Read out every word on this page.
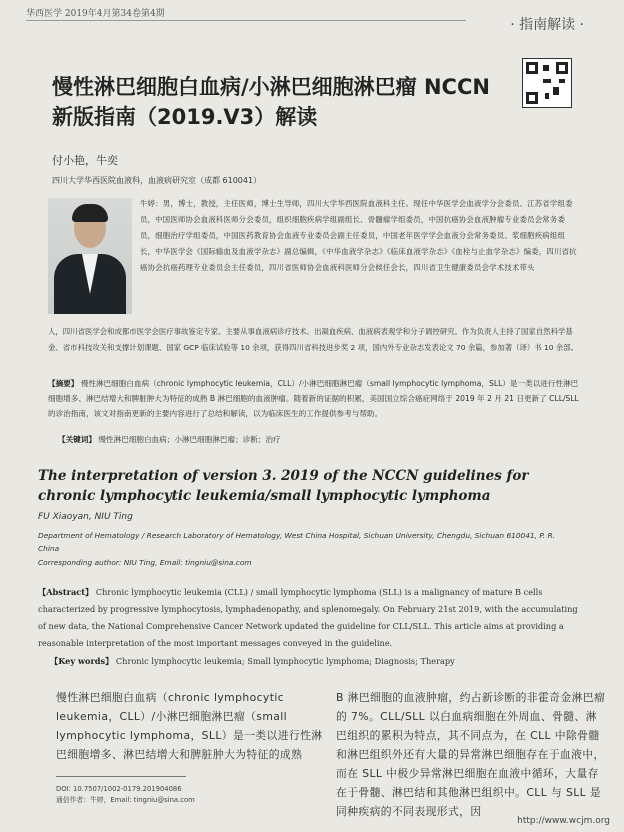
华西医学 2019年4月第34卷第4期
· 指南解读 ·
慢性淋巴细胞白血病/小淋巴细胞淋巴瘤 NCCN 新版指南（2019.V3）解读
付小艳，牛奕
四川大学华西医院血液科，血液病研究室（成都 610041）
牛婷：男，博士，教授，主任医师，博士生导师，四川大学华西医院血液科主任。现任中华医学会血液学分会委员、江苏省学组委员，中国医师协会血液科医师分会委员，组织细胞疾病学组副组长、骨髓瘤学组委员，中国抗癌协会血液肿瘤专业委员会常务委员，细胞治疗学组委员，中国医药教育协会血液专业委员会副主任委员，中国老年医学学会血液分会常务委员、浆细胞疾病组组长，中华医学会《国际输血及血液学杂志》副总编辑，《中华血液学杂志》《临床血液学杂志》《血栓与止血学杂志》编委，四川省抗癌协会抗癌药理专业委员会主任委员，四川省医师协会血液科医师分会候任会长，四川省卫生健康委员会学术技术带头
人，四川省医学会和成都市医学会医疗事故鉴定专家。主要从事血液病诊疗技术、出凝血疾病、血液病表观学和分子调控研究。作为负责人主持了国家自然科学基金、省市科技攻关和支撑计划课题、国家 GCP 临床试验等 10 余项，获得四川省科技进步奖 2 项，国内外专业杂志发表论文 70 余篇，参加著（译）书 10 余部。
【摘要】 慢性淋巴细胞白血病（chronic lymphocytic leukemia，CLL）/小淋巴细胞淋巴瘤（small lymphocytic lymphoma，SLL）是一类以进行性淋巴细胞增多、淋巴结增大和脾脏肿大为特征的成熟 B 淋巴细胞的血液肿瘤。随着新的证据的积累，美国国立综合癌症网络于 2019 年 2 月 21 日更新了 CLL/SLL 的诊治指南，该文对指南更新的主要内容进行了总结和解读，以为临床医生的工作提供参考与帮助。
【关键词】 慢性淋巴细胞白血病；小淋巴细胞淋巴瘤；诊断；治疗
The interpretation of version 3. 2019 of the NCCN guidelines for chronic lymphocytic leukemia/small lymphocytic lymphoma
FU Xiaoyan, NIU Ting
Department of Hematology / Research Laboratory of Hematology, West China Hospital, Sichuan University, Chengdu, Sichuan 610041, P. R. China
Corresponding author: NIU Ting, Email: tingniu@sina.com
【Abstract】 Chronic lymphocytic leukemia (CLL) / small lymphocytic lymphoma (SLL) is a malignancy of mature B cells characterized by progressive lymphocytosis, lymphadenopathy, and splenomegaly. On February 21st 2019, with the accumulating of new data, the National Comprehensive Cancer Network updated the guideline for CLL/SLL. This article aims at providing a reasonable interpretation of the most important messages conveyed in the guideline.
【Key words】 Chronic lymphocytic leukemia; Small lymphocytic lymphoma; Diagnosis; Therapy
慢性淋巴细胞白血病（chronic lymphocytic leukemia，CLL）/小淋巴细胞淋巴瘤（small lymphocytic lymphoma，SLL）是一类以进行性淋巴细胞增多、淋巴结增大和脾脏肿大为特征的成熟
B 淋巴细胞的血液肿瘤，约占新诊断的非霍奇金淋巴瘤的 7%。CLL/SLL 以白血病细胞在外周血、骨髓、淋巴组织的累积为特点，其不同点为，在 CLL 中除骨髓和淋巴组织外还有大量的异常淋巴细胞存在于血液中，而在 SLL 中极少异常淋巴细胞在血液中循环，大量存在于骨髓、淋巴结和其他淋巴组织中。CLL 与 SLL 是同种疾病的不同表现形式，因
DOI: 10.7507/1002-0179.201904086
通信作者：牛婷，Email: tingniu@sina.com
http://www.wcjm.org
